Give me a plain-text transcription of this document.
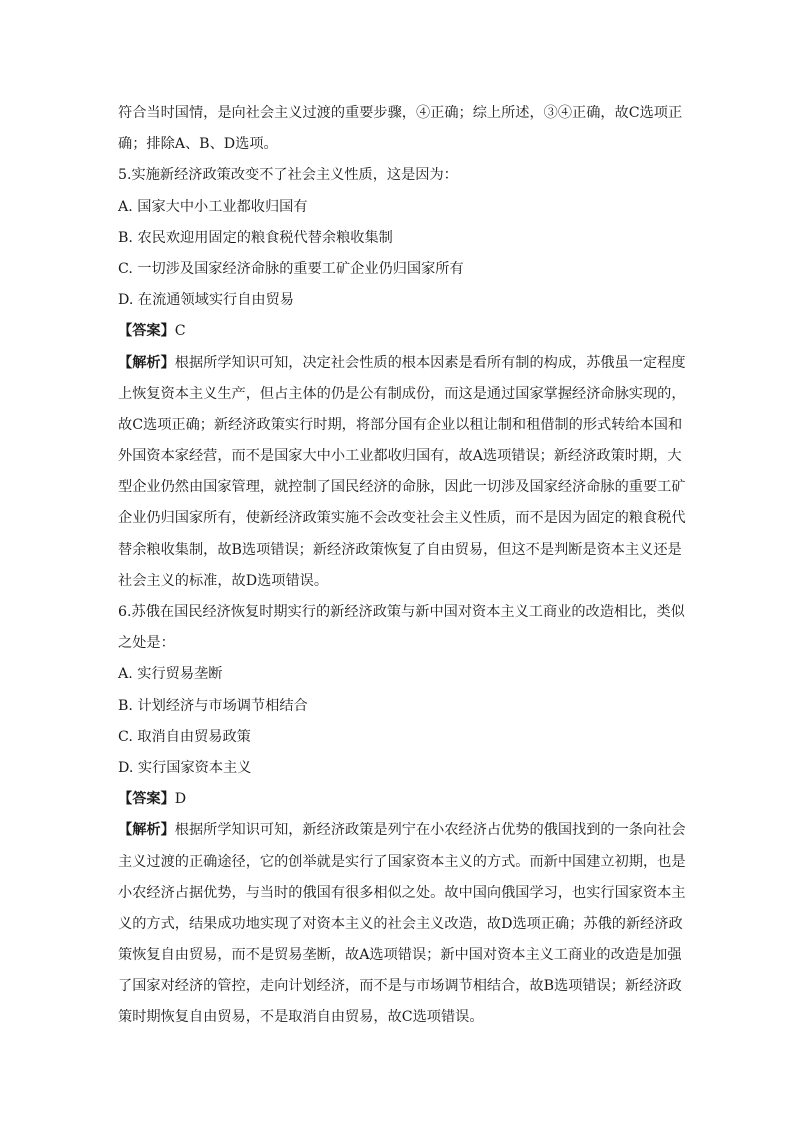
符合当时国情，是向社会主义过渡的重要步骤，④正确；综上所述，③④正确，故C选项正
确；排除A、B、D选项。
5.实施新经济政策改变不了社会主义性质，这是因为：
A. 国家大中小工业都收归国有
B. 农民欢迎用固定的粮食税代替余粮收集制
C. 一切涉及国家经济命脉的重要工矿企业仍归国家所有
D. 在流通领域实行自由贸易
【答案】C
【解析】根据所学知识可知，决定社会性质的根本因素是看所有制的构成，苏俄虽一定程度
上恢复资本主义生产，但占主体的仍是公有制成份，而这是通过国家掌握经济命脉实现的，
故C选项正确；新经济政策实行时期，将部分国有企业以租让制和租借制的形式转给本国和
外国资本家经营，而不是国家大中小工业都收归国有，故A选项错误；新经济政策时期，大
型企业仍然由国家管理，就控制了国民经济的命脉，因此一切涉及国家经济命脉的重要工矿
企业仍归国家所有，使新经济政策实施不会改变社会主义性质，而不是因为固定的粮食税代
替余粮收集制，故B选项错误；新经济政策恢复了自由贸易，但这不是判断是资本主义还是
社会主义的标准，故D选项错误。
6.苏俄在国民经济恢复时期实行的新经济政策与新中国对资本主义工商业的改造相比，类似
之处是：
A. 实行贸易垄断
B. 计划经济与市场调节相结合
C. 取消自由贸易政策
D. 实行国家资本主义
【答案】D
【解析】根据所学知识可知，新经济政策是列宁在小农经济占优势的俄国找到的一条向社会
主义过渡的正确途径，它的创举就是实行了国家资本主义的方式。而新中国建立初期，也是
小农经济占据优势，与当时的俄国有很多相似之处。故中国向俄国学习，也实行国家资本主
义的方式，结果成功地实现了对资本主义的社会主义改造，故D选项正确；苏俄的新经济政
策恢复自由贸易，而不是贸易垄断，故A选项错误；新中国对资本主义工商业的改造是加强
了国家对经济的管控，走向计划经济，而不是与市场调节相结合，故B选项错误；新经济政
策时期恢复自由贸易，不是取消自由贸易，故C选项错误。
